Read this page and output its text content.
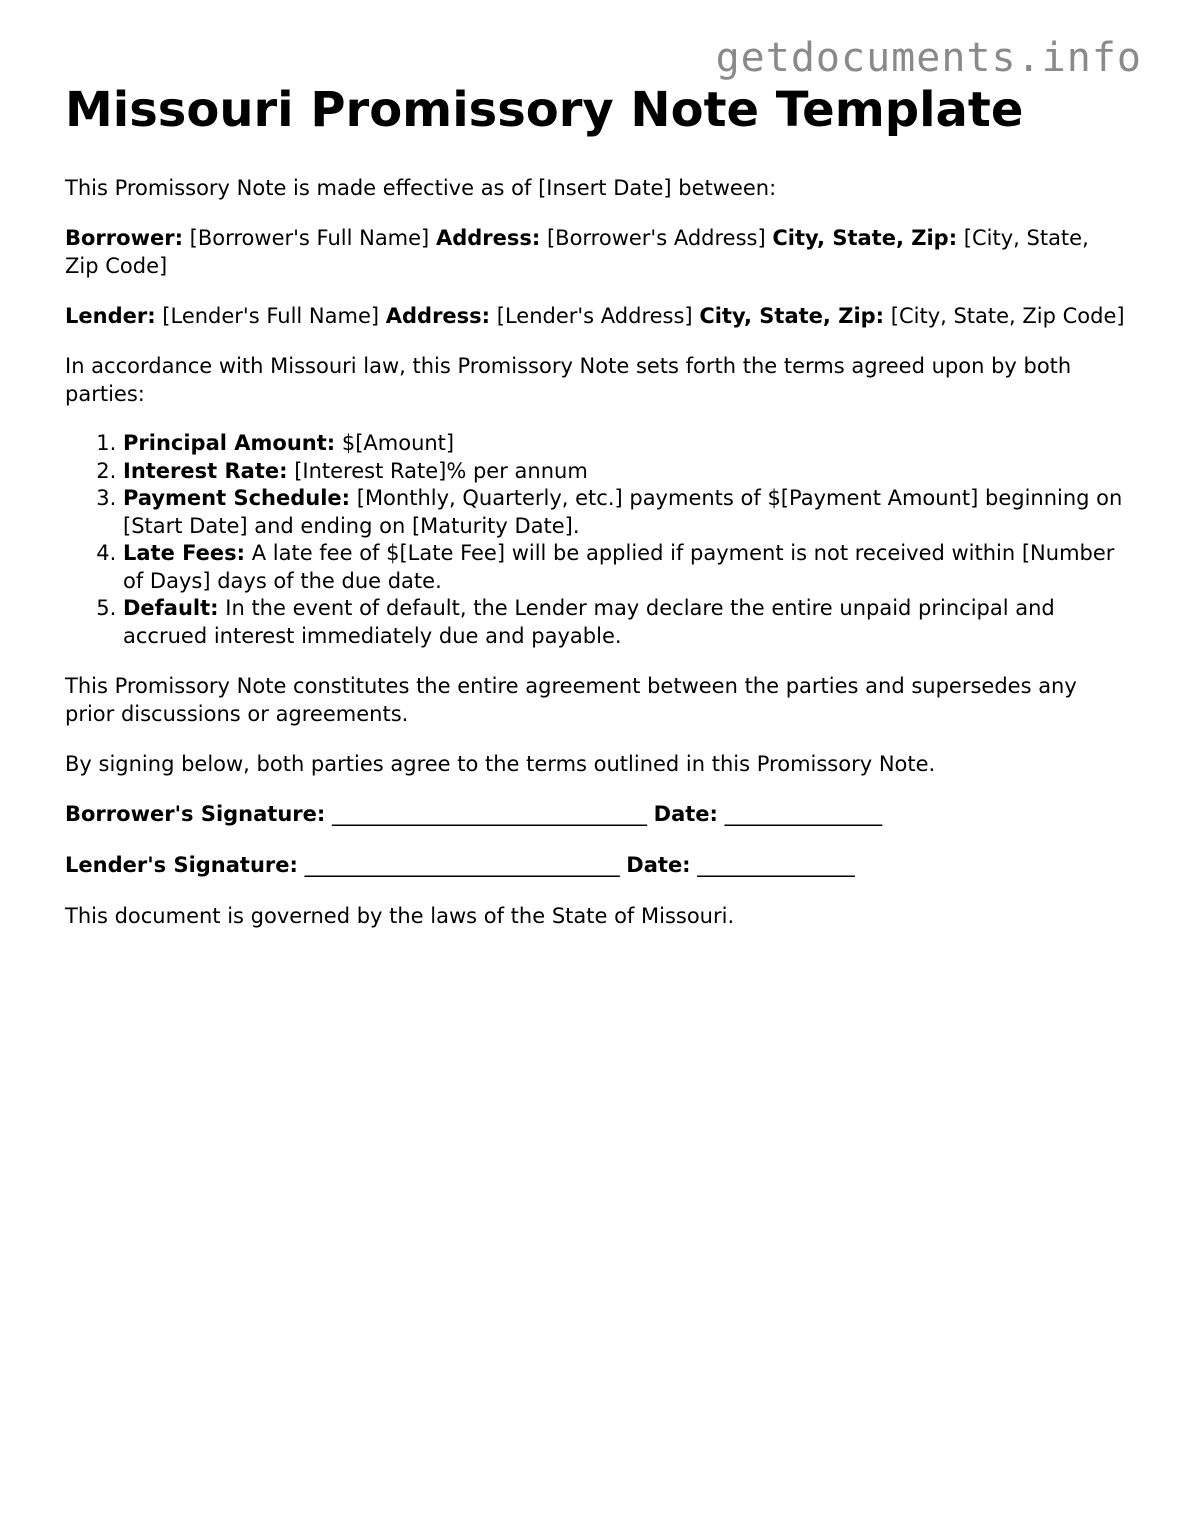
getdocuments.info
Missouri Promissory Note Template

This Promissory Note is made effective as of [Insert Date] between:

Borrower: [Borrower's Full Name] Address: [Borrower's Address] City, State, Zip: [City, State, Zip Code]

Lender: [Lender's Full Name] Address: [Lender's Address] City, State, Zip: [City, State, Zip Code]

In accordance with Missouri law, this Promissory Note sets forth the terms agreed upon by both parties:

1. Principal Amount: $[Amount]
2. Interest Rate: [Interest Rate]% per annum
3. Payment Schedule: [Monthly, Quarterly, etc.] payments of $[Payment Amount] beginning on [Start Date] and ending on [Maturity Date].
4. Late Fees: A late fee of $[Late Fee] will be applied if payment is not received within [Number of Days] days of the due date.
5. Default: In the event of default, the Lender may declare the entire unpaid principal and accrued interest immediately due and payable.

This Promissory Note constitutes the entire agreement between the parties and supersedes any prior discussions or agreements.

By signing below, both parties agree to the terms outlined in this Promissory Note.

Borrower's Signature: ______________________________ Date: _______________

Lender's Signature: ______________________________ Date: _______________

This document is governed by the laws of the State of Missouri.
